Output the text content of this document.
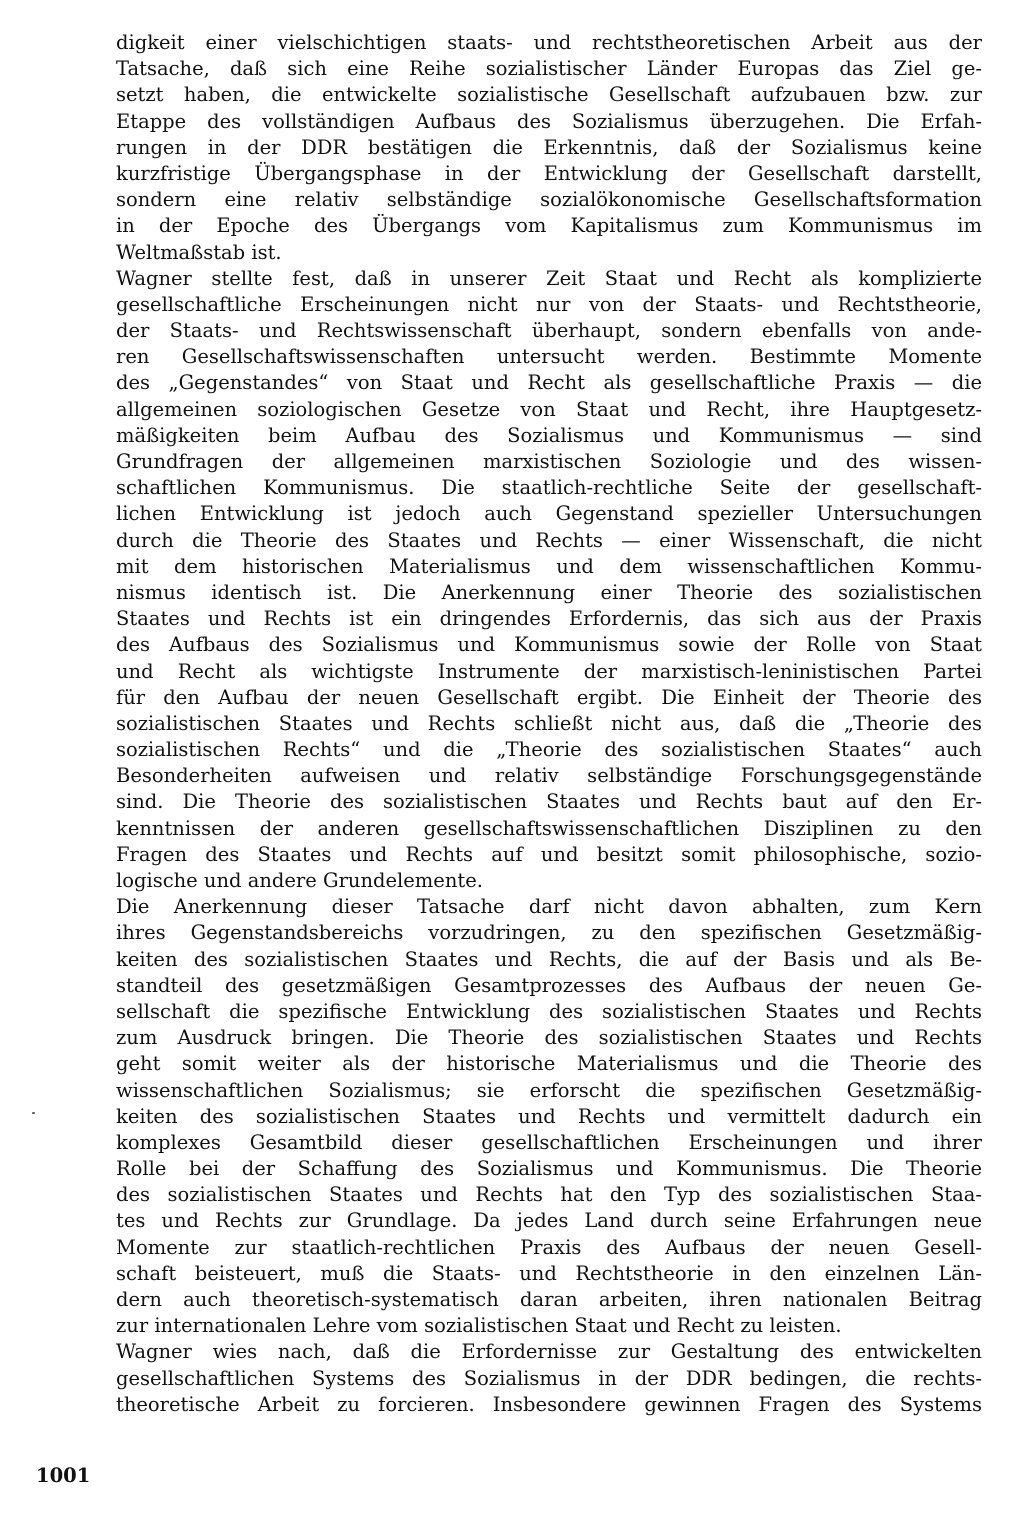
digkeit einer vielschichtigen staats- und rechtstheoretischen Arbeit aus der
Tatsache, daß sich eine Reihe sozialistischer Länder Europas das Ziel ge-
setzt haben, die entwickelte sozialistische Gesellschaft aufzubauen bzw. zur
Etappe des vollständigen Aufbaus des Sozialismus überzugehen. Die Erfah-
rungen in der DDR bestätigen die Erkenntnis, daß der Sozialismus keine
kurzfristige Übergangsphase in der Entwicklung der Gesellschaft darstellt,
sondern eine relativ selbständige sozialökonomische Gesellschaftsformation
in der Epoche des Übergangs vom Kapitalismus zum Kommunismus im
Weltmaßstab ist.
Wagner stellte fest, daß in unserer Zeit Staat und Recht als komplizierte
gesellschaftliche Erscheinungen nicht nur von der Staats- und Rechtstheorie,
der Staats- und Rechtswissenschaft überhaupt, sondern ebenfalls von ande-
ren Gesellschaftswissenschaften untersucht werden. Bestimmte Momente
des „Gegenstandes“ von Staat und Recht als gesellschaftliche Praxis — die
allgemeinen soziologischen Gesetze von Staat und Recht, ihre Hauptgesetz-
mäßigkeiten beim Aufbau des Sozialismus und Kommunismus — sind
Grundfragen der allgemeinen marxistischen Soziologie und des wissen-
schaftlichen Kommunismus. Die staatlich-rechtliche Seite der gesellschaft-
lichen Entwicklung ist jedoch auch Gegenstand spezieller Untersuchungen
durch die Theorie des Staates und Rechts — einer Wissenschaft, die nicht
mit dem historischen Materialismus und dem wissenschaftlichen Kommu-
nismus identisch ist. Die Anerkennung einer Theorie des sozialistischen
Staates und Rechts ist ein dringendes Erfordernis, das sich aus der Praxis
des Aufbaus des Sozialismus und Kommunismus sowie der Rolle von Staat
und Recht als wichtigste Instrumente der marxistisch-leninistischen Partei
für den Aufbau der neuen Gesellschaft ergibt. Die Einheit der Theorie des
sozialistischen Staates und Rechts schließt nicht aus, daß die „Theorie des
sozialistischen Rechts“ und die „Theorie des sozialistischen Staates“ auch
Besonderheiten aufweisen und relativ selbständige Forschungsgegenstände
sind. Die Theorie des sozialistischen Staates und Rechts baut auf den Er-
kenntnissen der anderen gesellschaftswissenschaftlichen Disziplinen zu den
Fragen des Staates und Rechts auf und besitzt somit philosophische, sozio-
logische und andere Grundelemente.
Die Anerkennung dieser Tatsache darf nicht davon abhalten, zum Kern
ihres Gegenstandsbereichs vorzudringen, zu den spezifischen Gesetzmäßig-
keiten des sozialistischen Staates und Rechts, die auf der Basis und als Be-
standteil des gesetzmäßigen Gesamtprozesses des Aufbaus der neuen Ge-
sellschaft die spezifische Entwicklung des sozialistischen Staates und Rechts
zum Ausdruck bringen. Die Theorie des sozialistischen Staates und Rechts
geht somit weiter als der historische Materialismus und die Theorie des
wissenschaftlichen Sozialismus; sie erforscht die spezifischen Gesetzmäßig-
keiten des sozialistischen Staates und Rechts und vermittelt dadurch ein
komplexes Gesamtbild dieser gesellschaftlichen Erscheinungen und ihrer
Rolle bei der Schaffung des Sozialismus und Kommunismus. Die Theorie
des sozialistischen Staates und Rechts hat den Typ des sozialistischen Staa-
tes und Rechts zur Grundlage. Da jedes Land durch seine Erfahrungen neue
Momente zur staatlich-rechtlichen Praxis des Aufbaus der neuen Gesell-
schaft beisteuert, muß die Staats- und Rechtstheorie in den einzelnen Län-
dern auch theoretisch-systematisch daran arbeiten, ihren nationalen Beitrag
zur internationalen Lehre vom sozialistischen Staat und Recht zu leisten.
Wagner wies nach, daß die Erfordernisse zur Gestaltung des entwickelten
gesellschaftlichen Systems des Sozialismus in der DDR bedingen, die rechts-
theoretische Arbeit zu forcieren. Insbesondere gewinnen Fragen des Systems
1001
